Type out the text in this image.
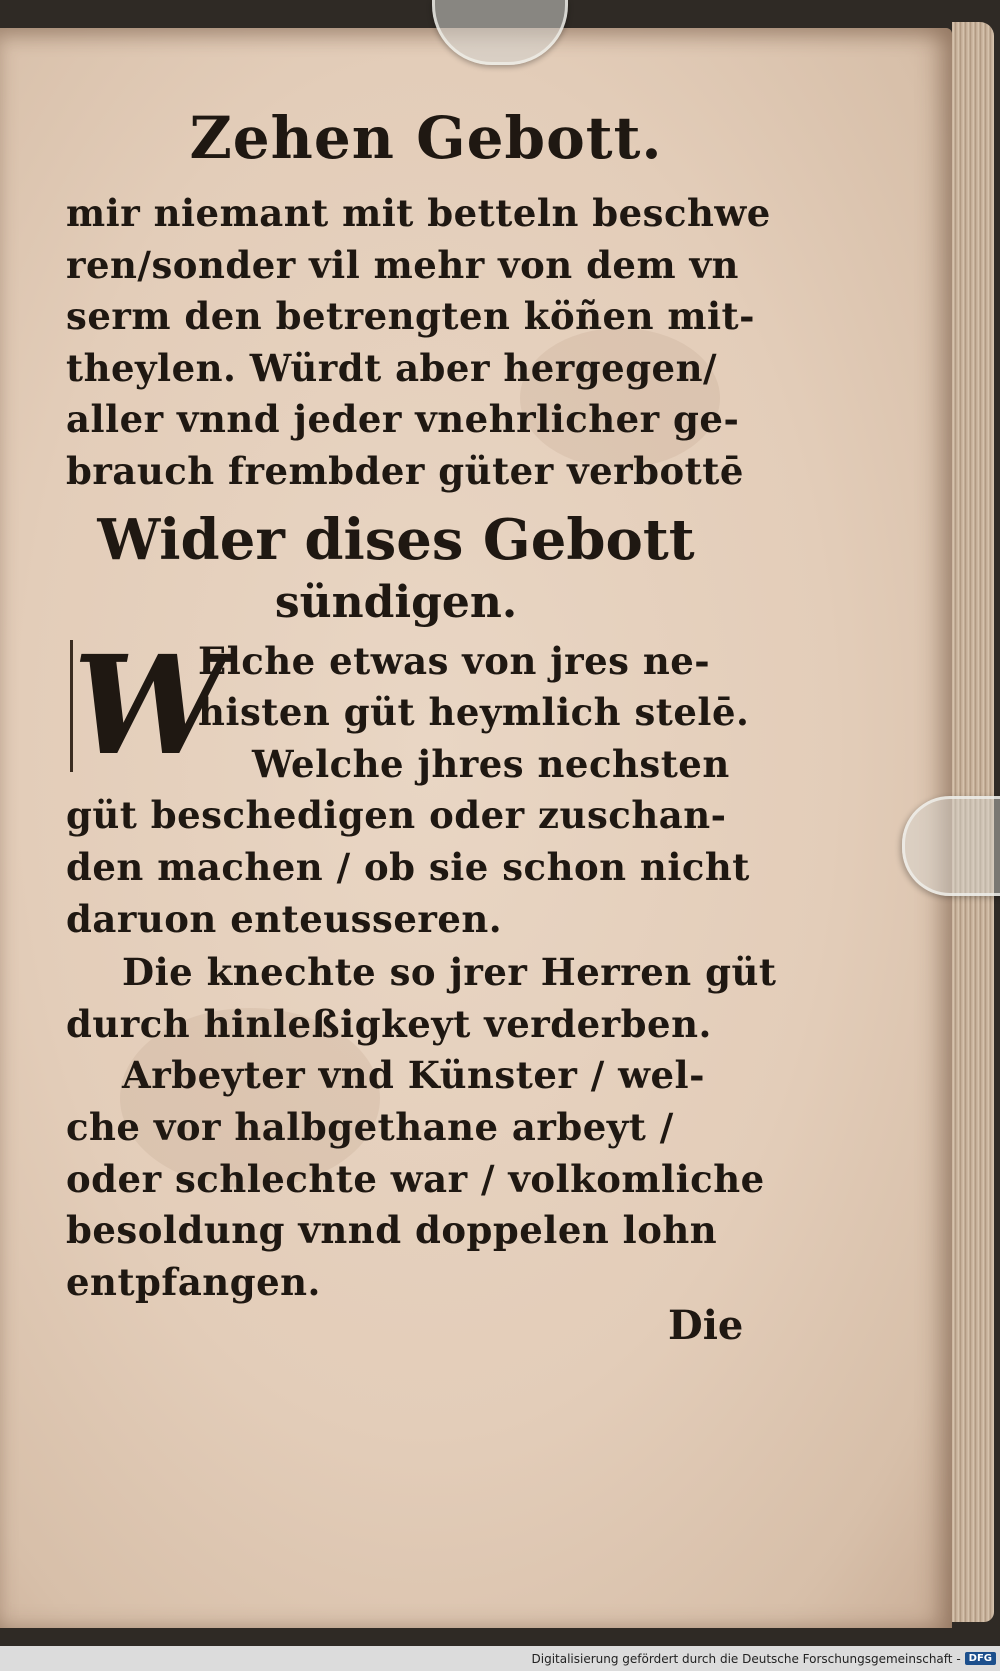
Zehen Gebott.
mir niemant mit betteln beschwe
ren/sonder vil mehr von dem vn
serm den betrengten köñen mit-
theylen. Würdt aber hergegen/
aller vnnd jeder vnehrlicher ge-
brauch frembder güter verbottē
Wider dises Gebott
sündigen.
W
Elche etwas von jres ne-
histen güt heymlich stelē.
Welche jhres nechsten
güt beschedigen oder zuschan-
den machen / ob sie schon nicht
daruon enteusseren.
Die knechte so jrer Herren güt
durch hinleßigkeyt verderben.
Arbeyter vnd Künster / wel-
che vor halbgethane arbeyt /
oder schlechte war / volkomliche
besoldung vnnd doppelen lohn
entpfangen.
Die
Digitalisierung gefördert durch die Deutsche Forschungsgemeinschaft - DFG
